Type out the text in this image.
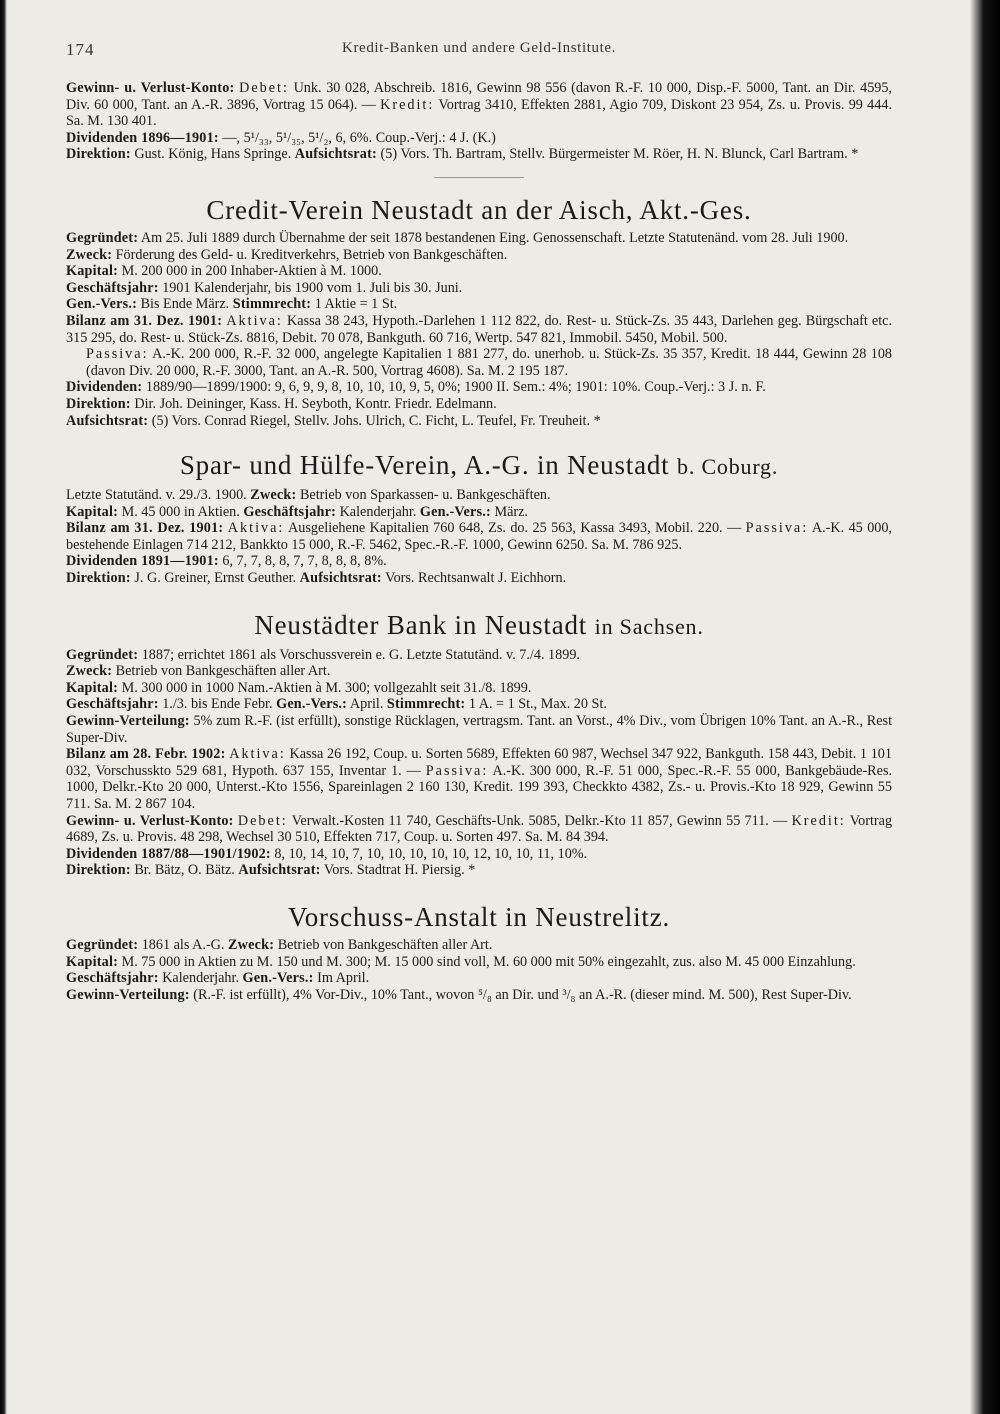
174	Kredit-Banken und andere Geld-Institute.

Gewinn- u. Verlust-Konto: Debet: Unk. 30 028, Abschreib. 1816, Gewinn 98 556 (davon R.-F. 10 000, Disp.-F. 5000, Tant. an Dir. 4595, Div. 60 000, Tant. an A.-R. 3896, Vortrag 15 064). — Kredit: Vortrag 3410, Effekten 2881, Agio 709, Diskont 23 954, Zs. u. Provis. 99 444. Sa. M. 130 401.

Dividenden 1896—1901: —, 5¹/₃₃, 5¹/₃₅, 5¹/₂, 6, 6%. Coup.-Verj.: 4 J. (K.)

Direktion: Gust. König, Hans Springe. Aufsichtsrat: (5) Vors. Th. Bartram, Stellv. Bürgermeister M. Röer, H. N. Blunck, Carl Bartram. *

Credit-Verein Neustadt an der Aisch, Akt.-Ges.

Gegründet: Am 25. Juli 1889 durch Übernahme der seit 1878 bestandenen Eing. Genossenschaft. Letzte Statutenänd. vom 28. Juli 1900.

Zweck: Förderung des Geld- u. Kreditverkehrs, Betrieb von Bankgeschäften.

Kapital: M. 200 000 in 200 Inhaber-Aktien à M. 1000.

Geschäftsjahr: 1901 Kalenderjahr, bis 1900 vom 1. Juli bis 30. Juni.

Gen.-Vers.: Bis Ende März. Stimmrecht: 1 Aktie = 1 St.

Bilanz am 31. Dez. 1901: Aktiva: Kassa 38 243, Hypoth.-Darlehen 1 112 822, do. Rest- u. Stück-Zs. 35 443, Darlehen geg. Bürgschaft etc. 315 295, do. Rest- u. Stück-Zs. 8816, Debit. 70 078, Bankguth. 60 716, Wertp. 547 821, Immobil. 5450, Mobil. 500.

Passiva: A.-K. 200 000, R.-F. 32 000, angelegte Kapitalien 1 881 277, do. unerhob. u. Stück-Zs. 35 357, Kredit. 18 444, Gewinn 28 108 (davon Div. 20 000, R.-F. 3000, Tant. an A.-R. 500, Vortrag 4608). Sa. M. 2 195 187.

Dividenden: 1889/90—1899/1900: 9, 6, 9, 9, 8, 10, 10, 10, 9, 5, 0%; 1900 II. Sem.: 4%; 1901: 10%. Coup.-Verj.: 3 J. n. F.

Direktion: Dir. Joh. Deininger, Kass. H. Seyboth, Kontr. Friedr. Edelmann.

Aufsichtsrat: (5) Vors. Conrad Riegel, Stellv. Johs. Ulrich, C. Ficht, L. Teufel, Fr. Treuheit. *

Spar- und Hülfe-Verein, A.-G. in Neustadt b. Coburg.

Letzte Statutänd. v. 29./3. 1900. Zweck: Betrieb von Sparkassen- u. Bankgeschäften.

Kapital: M. 45 000 in Aktien. Geschäftsjahr: Kalenderjahr. Gen.-Vers.: März.

Bilanz am 31. Dez. 1901: Aktiva: Ausgeliehene Kapitalien 760 648, Zs. do. 25 563, Kassa 3493, Mobil. 220. — Passiva: A.-K. 45 000, bestehende Einlagen 714 212, Bankkto 15 000, R.-F. 5462, Spec.-R.-F. 1000, Gewinn 6250. Sa. M. 786 925.

Dividenden 1891—1901: 6, 7, 7, 8, 8, 7, 7, 8, 8, 8, 8%.

Direktion: J. G. Greiner, Ernst Geuther. Aufsichtsrat: Vors. Rechtsanwalt J. Eichhorn.

Neustädter Bank in Neustadt in Sachsen.

Gegründet: 1887; errichtet 1861 als Vorschussverein e. G. Letzte Statutänd. v. 7./4. 1899.

Zweck: Betrieb von Bankgeschäften aller Art.

Kapital: M. 300 000 in 1000 Nam.-Aktien à M. 300; vollgezahlt seit 31./8. 1899.

Geschäftsjahr: 1./3. bis Ende Febr. Gen.-Vers.: April. Stimmrecht: 1 A. = 1 St., Max. 20 St.

Gewinn-Verteilung: 5% zum R.-F. (ist erfüllt), sonstige Rücklagen, vertragsm. Tant. an Vorst., 4% Div., vom Übrigen 10% Tant. an A.-R., Rest Super-Div.

Bilanz am 28. Febr. 1902: Aktiva: Kassa 26 192, Coup. u. Sorten 5689, Effekten 60 987, Wechsel 347 922, Bankguth. 158 443, Debit. 1 101 032, Vorschusskto 529 681, Hypoth. 637 155, Inventar 1. — Passiva: A.-K. 300 000, R.-F. 51 000, Spec.-R.-F. 55 000, Bankgebäude-Res. 1000, Delkr.-Kto 20 000, Unterst.-Kto 1556, Spareinlagen 2 160 130, Kredit. 199 393, Checkkto 4382, Zs.- u. Provis.-Kto 18 929, Gewinn 55 711. Sa. M. 2 867 104.

Gewinn- u. Verlust-Konto: Debet: Verwalt.-Kosten 11 740, Geschäfts-Unk. 5085, Delkr.-Kto 11 857, Gewinn 55 711. — Kredit: Vortrag 4689, Zs. u. Provis. 48 298, Wechsel 30 510, Effekten 717, Coup. u. Sorten 497. Sa. M. 84 394.

Dividenden 1887/88—1901/1902: 8, 10, 14, 10, 7, 10, 10, 10, 10, 10, 12, 10, 10, 11, 10%.

Direktion: Br. Bätz, O. Bätz. Aufsichtsrat: Vors. Stadtrat H. Piersig. *

Vorschuss-Anstalt in Neustrelitz.

Gegründet: 1861 als A.-G. Zweck: Betrieb von Bankgeschäften aller Art.

Kapital: M. 75 000 in Aktien zu M. 150 und M. 300; M. 15 000 sind voll, M. 60 000 mit 50% eingezahlt, zus. also M. 45 000 Einzahlung.

Geschäftsjahr: Kalenderjahr. Gen.-Vers.: Im April.

Gewinn-Verteilung: (R.-F. ist erfüllt), 4% Vor-Div., 10% Tant., wovon ⁵/₈ an Dir. und ³/₈ an A.-R. (dieser mind. M. 500), Rest Super-Div.
